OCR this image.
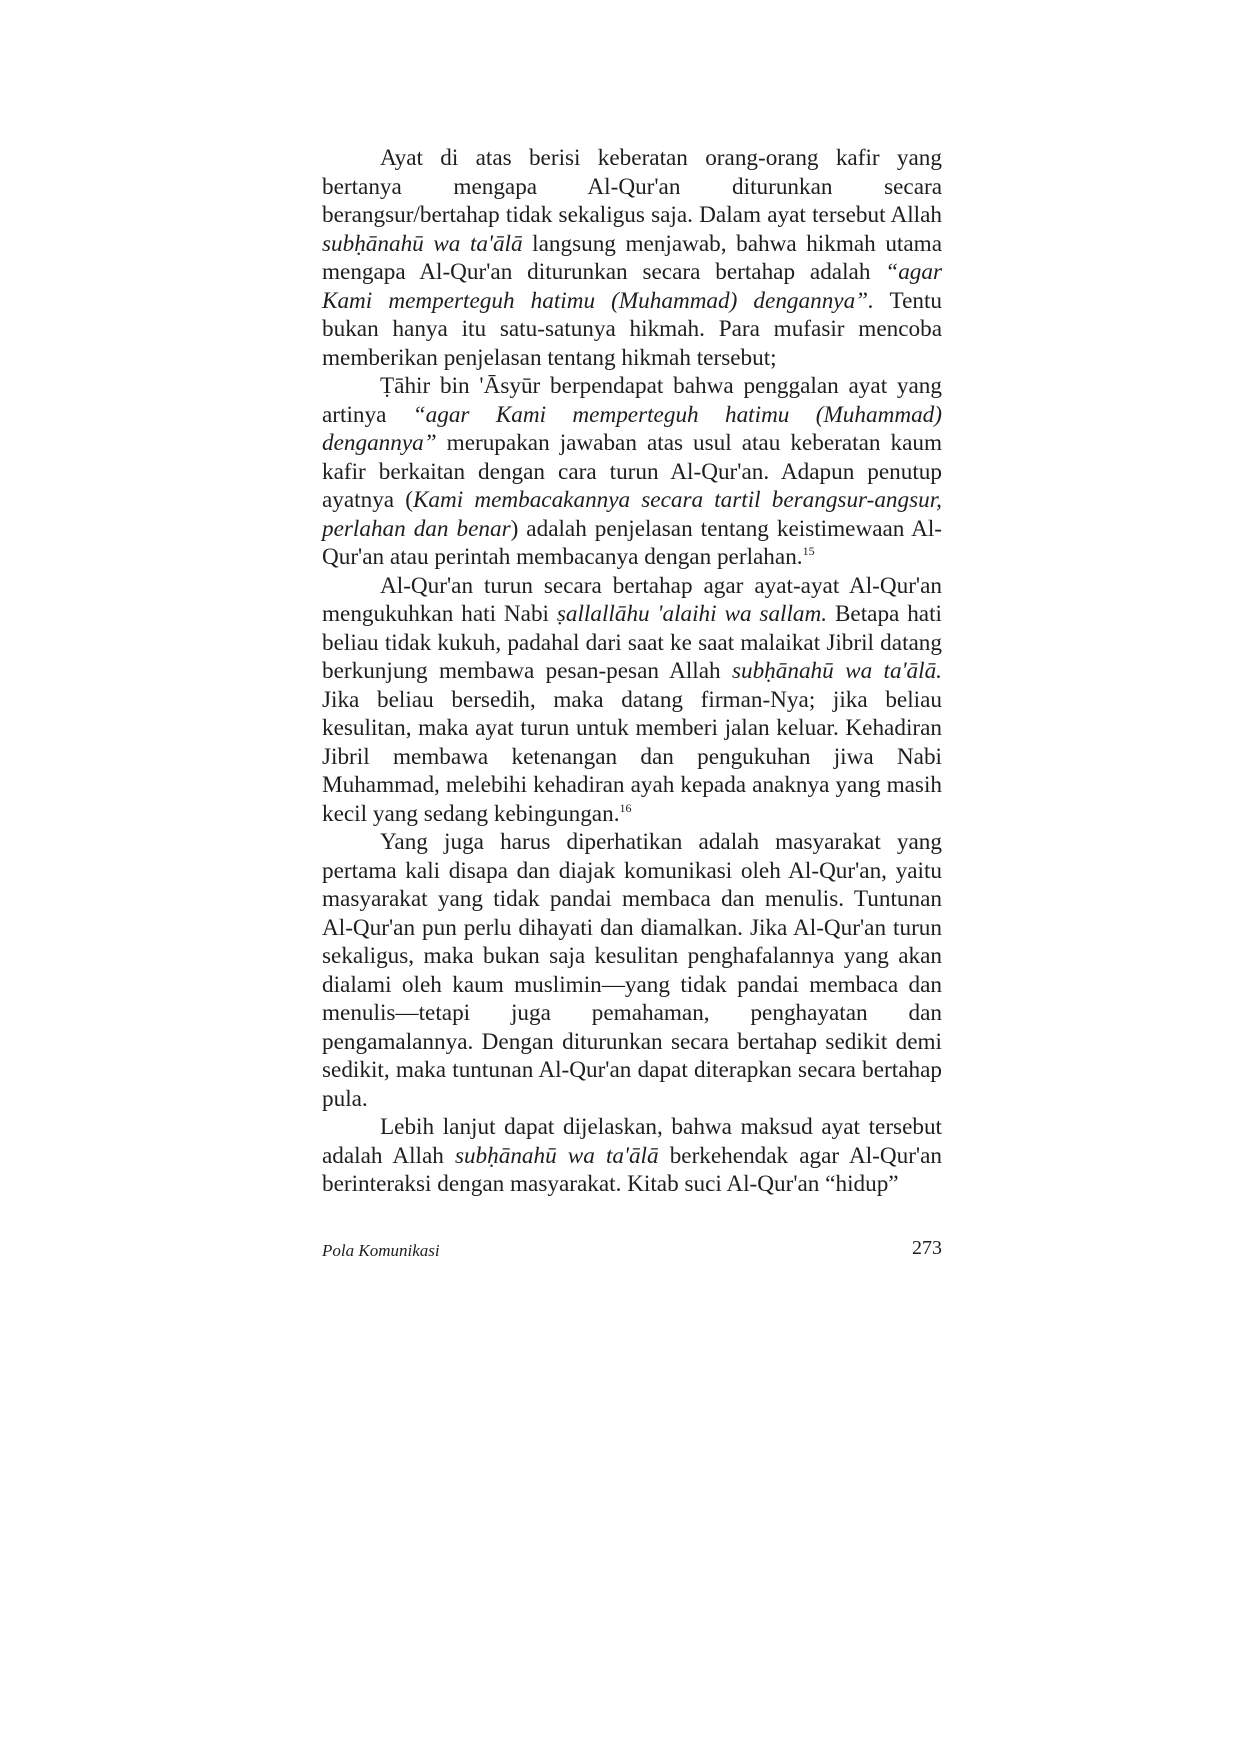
Ayat di atas berisi keberatan orang-orang kafir yang bertanya mengapa Al-Qur'an diturunkan secara berangsur/bertahap tidak sekaligus saja. Dalam ayat tersebut Allah subḥānahū wa ta'ālā langsung menjawab, bahwa hikmah utama mengapa Al-Qur'an diturunkan secara bertahap adalah “agar Kami memperteguh hatimu (Muhammad) dengannya”. Tentu bukan hanya itu satu-satunya hikmah. Para mufasir mencoba memberikan penjelasan tentang hikmah tersebut;

Ṭāhir bin 'Āsyūr berpendapat bahwa penggalan ayat yang artinya “agar Kami memperteguh hatimu (Muhammad) dengannya” merupakan jawaban atas usul atau keberatan kaum kafir berkaitan dengan cara turun Al-Qur'an. Adapun penutup ayatnya (Kami membacakannya secara tartil berangsur-angsur, perlahan dan benar) adalah penjelasan tentang keistimewaan Al-Qur'an atau perintah membacanya dengan perlahan.$^{15}$

Al-Qur'an turun secara bertahap agar ayat-ayat Al-Qur'an mengukuhkan hati Nabi ṣallallāhu 'alaihi wa sallam. Betapa hati beliau tidak kukuh, padahal dari saat ke saat malaikat Jibril datang berkunjung membawa pesan-pesan Allah subḥānahū wa ta'ālā. Jika beliau bersedih, maka datang firman-Nya; jika beliau kesulitan, maka ayat turun untuk memberi jalan keluar. Kehadiran Jibril membawa ketenangan dan pengukuhan jiwa Nabi Muhammad, melebihi kehadiran ayah kepada anaknya yang masih kecil yang sedang kebingungan.$^{16}$

Yang juga harus diperhatikan adalah masyarakat yang pertama kali disapa dan diajak komunikasi oleh Al-Qur'an, yaitu masyarakat yang tidak pandai membaca dan menulis. Tuntunan Al-Qur'an pun perlu dihayati dan diamalkan. Jika Al-Qur'an turun sekaligus, maka bukan saja kesulitan penghafalannya yang akan dialami oleh kaum muslimin—yang tidak pandai membaca dan menulis—tetapi juga pemahaman, penghayatan dan pengamalannya. Dengan diturunkan secara bertahap sedikit demi sedikit, maka tuntunan Al-Qur'an dapat diterapkan secara bertahap pula.

Lebih lanjut dapat dijelaskan, bahwa maksud ayat tersebut adalah Allah subḥānahū wa ta'ālā berkehendak agar Al-Qur'an berinteraksi dengan masyarakat. Kitab suci Al-Qur'an “hidup”

Pola Komunikasi	273
